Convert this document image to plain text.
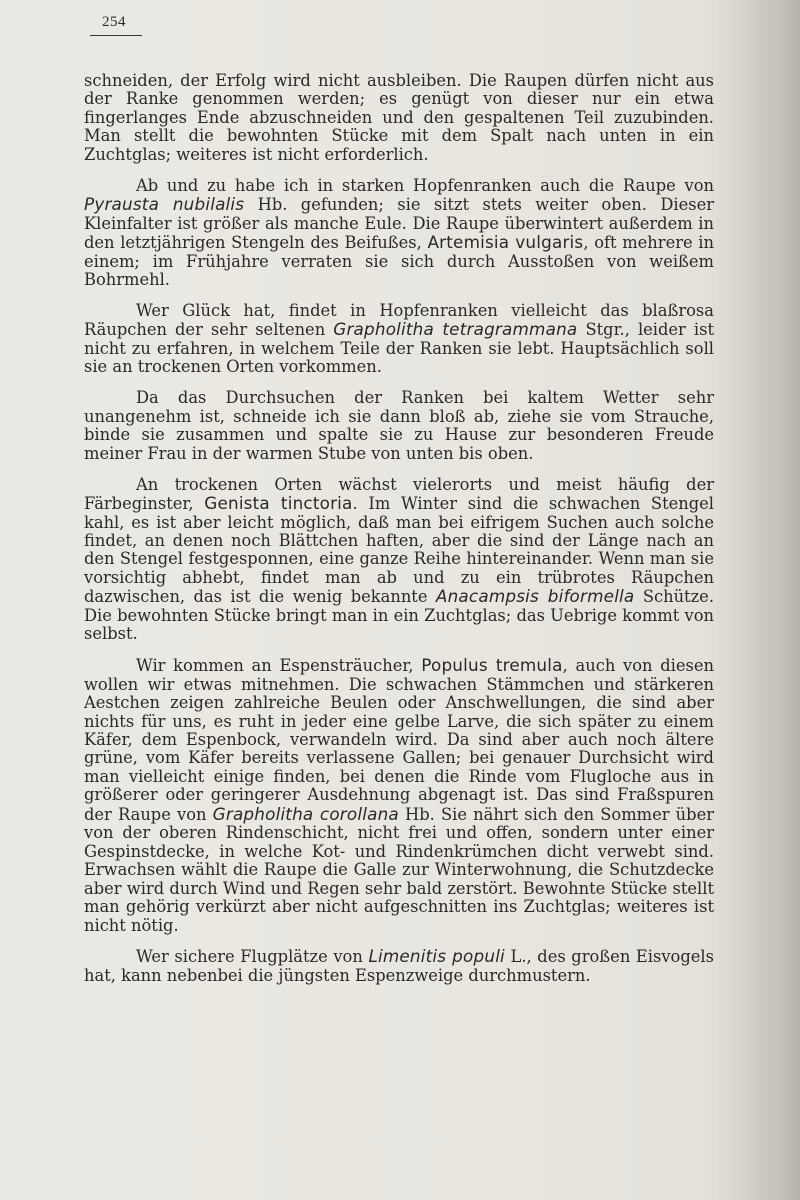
254

schneiden, der Erfolg wird nicht ausbleiben. Die Raupen dürfen nicht aus der Ranke genommen werden; es genügt von dieser nur ein etwa fingerlanges Ende abzuschneiden und den gespaltenen Teil zuzubinden. Man stellt die bewohnten Stücke mit dem Spalt nach unten in ein Zuchtglas; weiteres ist nicht erforderlich.

Ab und zu habe ich in starken Hopfenranken auch die Raupe von Pyrausta nubilalis Hb. gefunden; sie sitzt stets weiter oben. Dieser Kleinfalter ist größer als manche Eule. Die Raupe überwintert außerdem in den letztjährigen Stengeln des Beifußes, Artemisia vulgaris, oft mehrere in einem; im Frühjahre verraten sie sich durch Ausstoßen von weißem Bohrmehl.

Wer Glück hat, findet in Hopfenranken vielleicht das blaßrosa Räupchen der sehr seltenen Grapholitha tetragrammana Stgr., leider ist nicht zu erfahren, in welchem Teile der Ranken sie lebt. Hauptsächlich soll sie an trockenen Orten vorkommen.

Da das Durchsuchen der Ranken bei kaltem Wetter sehr unangenehm ist, schneide ich sie dann bloß ab, ziehe sie vom Strauche, binde sie zusammen und spalte sie zu Hause zur besonderen Freude meiner Frau in der warmen Stube von unten bis oben.

An trockenen Orten wächst vielerorts und meist häufig der Färbeginster, Genista tinctoria. Im Winter sind die schwachen Stengel kahl, es ist aber leicht möglich, daß man bei eifrigem Suchen auch solche findet, an denen noch Blättchen haften, aber die sind der Länge nach an den Stengel festgesponnen, eine ganze Reihe hintereinander. Wenn man sie vorsichtig abhebt, findet man ab und zu ein trübrotes Räupchen dazwischen, das ist die wenig bekannte Anacampsis biformella Schütze. Die bewohnten Stücke bringt man in ein Zuchtglas; das Uebrige kommt von selbst.

Wir kommen an Espensträucher, Populus tremula, auch von diesen wollen wir etwas mitnehmen. Die schwachen Stämmchen und stärkeren Aestchen zeigen zahlreiche Beulen oder Anschwellungen, die sind aber nichts für uns, es ruht in jeder eine gelbe Larve, die sich später zu einem Käfer, dem Espenbock, verwandeln wird. Da sind aber auch noch ältere grüne, vom Käfer bereits verlassene Gallen; bei genauer Durchsicht wird man vielleicht einige finden, bei denen die Rinde vom Flugloche aus in größerer oder geringerer Ausdehnung abgenagt ist. Das sind Fraßspuren der Raupe von Grapholitha corollana Hb. Sie nährt sich den Sommer über von der oberen Rindenschicht, nicht frei und offen, sondern unter einer Gespinstdecke, in welche Kot- und Rindenkrümchen dicht verwebt sind. Erwachsen wählt die Raupe die Galle zur Winterwohnung, die Schutzdecke aber wird durch Wind und Regen sehr bald zerstört. Bewohnte Stücke stellt man gehörig verkürzt aber nicht aufgeschnitten ins Zuchtglas; weiteres ist nicht nötig.

Wer sichere Flugplätze von Limenitis populi L., des großen Eisvogels hat, kann nebenbei die jüngsten Espenzweige durchmustern.
